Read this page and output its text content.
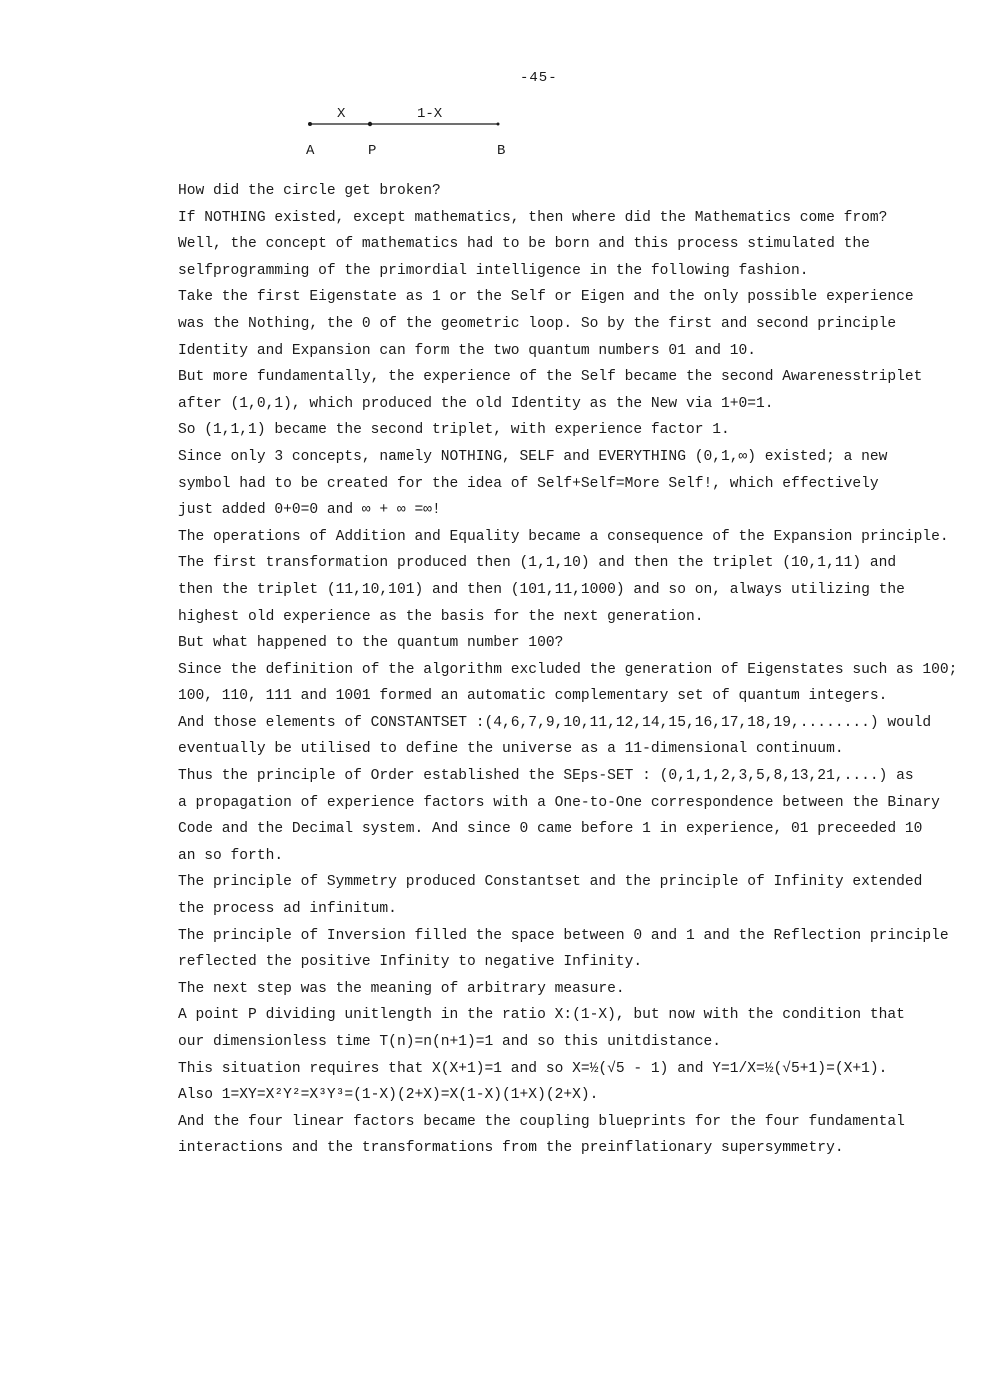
-45-
X	1-X
A	P	B
How did the circle get broken?
If NOTHING existed, except mathematics, then where did the Mathematics come from?
Well, the concept of mathematics had to be born and this process stimulated the
selfprogramming of the primordial intelligence in the following fashion.
Take the first Eigenstate as 1 or the Self or Eigen and the only possible experience
was the Nothing, the 0 of the geometric loop. So by the first and second principle
Identity and Expansion can form the two quantum numbers 01 and 10.
But more fundamentally, the experience of the Self became the second Awarenesstriplet
after (1,0,1), which produced the old Identity as the New via 1+0=1.
So (1,1,1) became the second triplet, with experience factor 1.
Since only 3 concepts, namely NOTHING, SELF and EVERYTHING (0,1,∞) existed; a new
symbol had to be created for the idea of Self+Self=More Self!, which effectively
just added 0+0=0 and ∞ + ∞ =∞!
The operations of Addition and Equality became a consequence of the Expansion principle.
The first transformation produced then (1,1,10) and then the triplet (10,1,11) and
then the triplet (11,10,101) and then (101,11,1000) and so on, always utilizing the
highest old experience as the basis for the next generation.
But what happened to the quantum number 100?
Since the definition of the algorithm excluded the generation of Eigenstates such as 100;
100, 110, 111 and 1001 formed an automatic complementary set of quantum integers.
And those elements of CONSTANTSET :(4,6,7,9,10,11,12,14,15,16,17,18,19,........) would
eventually be utilised to define the universe as a 11-dimensional continuum.
Thus the principle of Order established the SEps-SET : (0,1,1,2,3,5,8,13,21,....) as
a propagation of experience factors with a One-to-One correspondence between the Binary
Code and the Decimal system. And since 0 came before 1 in experience, 01 preceeded 10
an so forth.
The principle of Symmetry produced Constantset and the principle of Infinity extended
the process ad infinitum.
The principle of Inversion filled the space between 0 and 1 and the Reflection principle
reflected the positive Infinity to negative Infinity.
The next step was the meaning of arbitrary measure.
A point P dividing unitlength in the ratio X:(1-X), but now with the condition that
our dimensionless time T(n)=n(n+1)=1 and so this unitdistance.
This situation requires that X(X+1)=1 and so X=½(√5 - 1) and Y=1/X=½(√5+1)=(X+1).
Also 1=XY=X²Y²=X³Y³=(1-X)(2+X)=X(1-X)(1+X)(2+X).
And the four linear factors became the coupling blueprints for the four fundamental
interactions and the transformations from the preinflationary supersymmetry.
